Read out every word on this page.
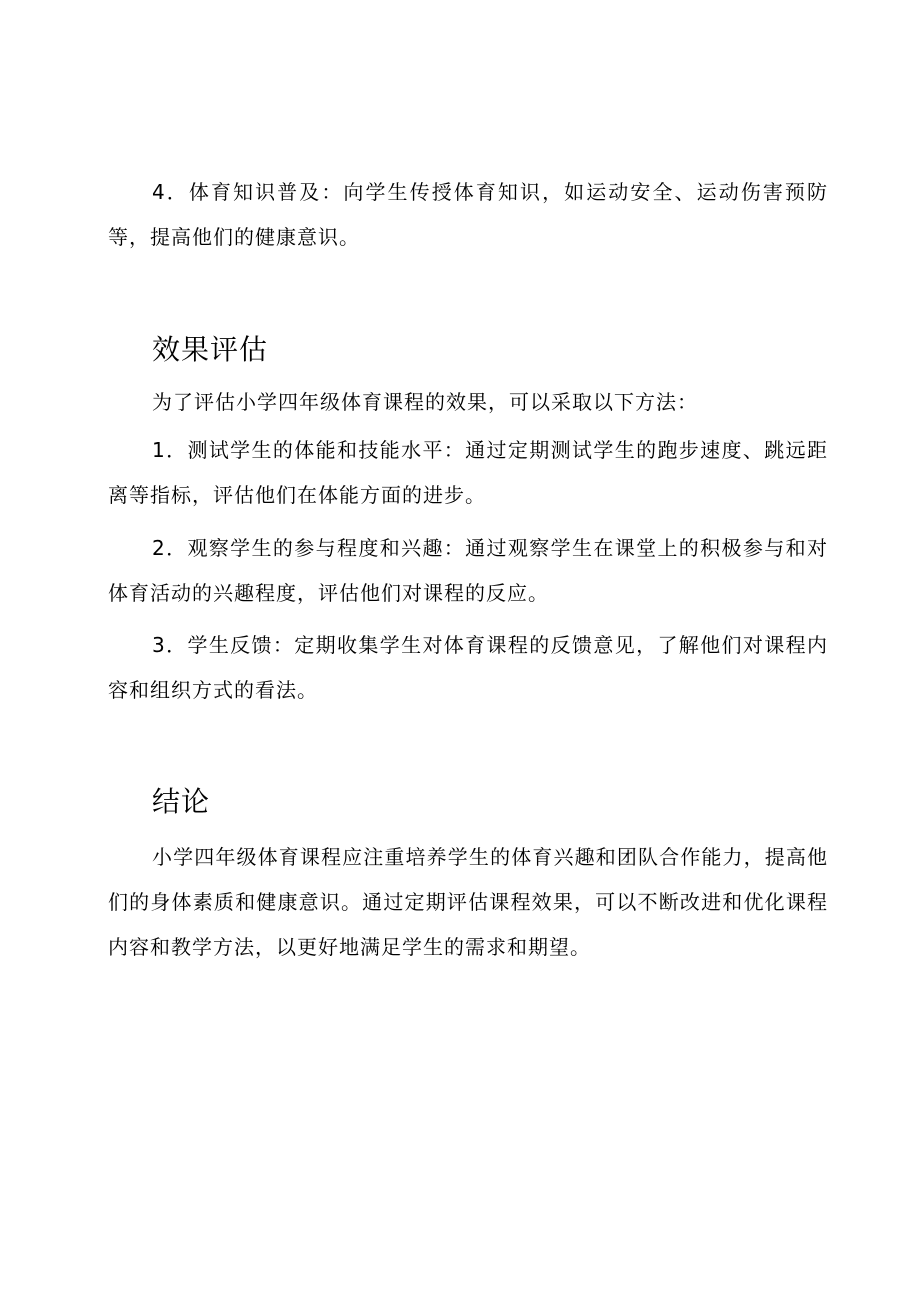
4．体育知识普及：向学生传授体育知识，如运动安全、运动伤害预防等，提高他们的健康意识。

效果评估

为了评估小学四年级体育课程的效果，可以采取以下方法：

1．测试学生的体能和技能水平：通过定期测试学生的跑步速度、跳远距离等指标，评估他们在体能方面的进步。

2．观察学生的参与程度和兴趣：通过观察学生在课堂上的积极参与和对体育活动的兴趣程度，评估他们对课程的反应。

3．学生反馈：定期收集学生对体育课程的反馈意见，了解他们对课程内容和组织方式的看法。

结论

小学四年级体育课程应注重培养学生的体育兴趣和团队合作能力，提高他们的身体素质和健康意识。通过定期评估课程效果，可以不断改进和优化课程内容和教学方法，以更好地满足学生的需求和期望。
